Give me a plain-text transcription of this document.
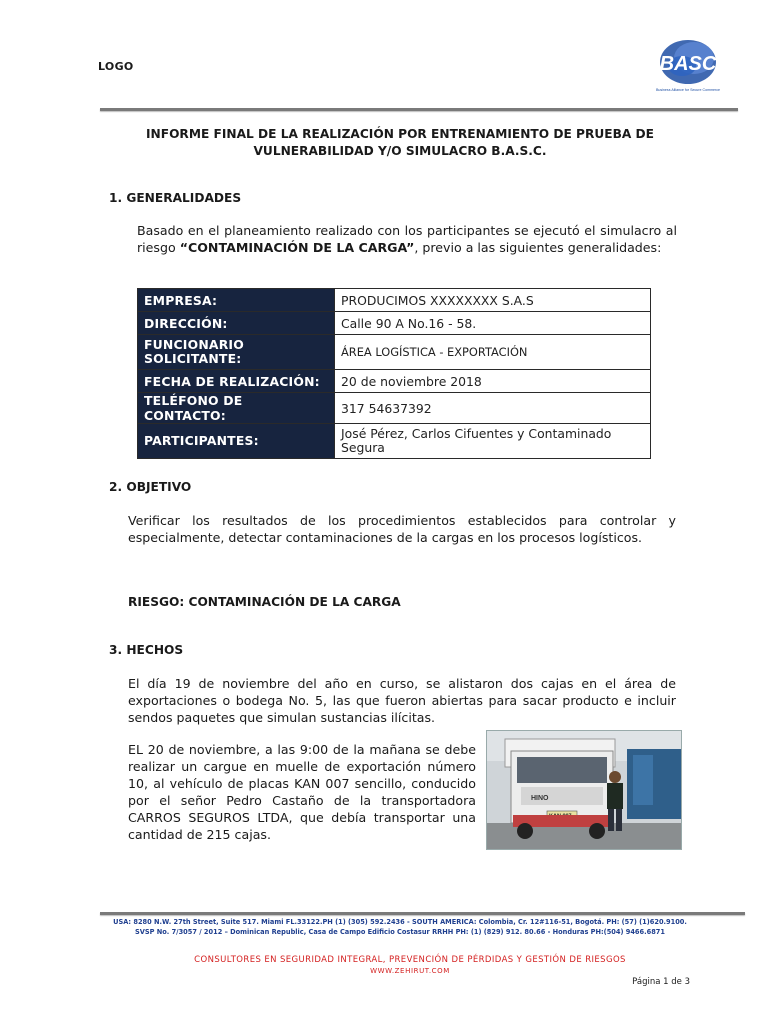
LOGO	BASC
Business Alliance for Secure Commerce
INFORME FINAL DE LA REALIZACIÓN POR ENTRENAMIENTO DE PRUEBA DE
VULNERABILIDAD Y/O SIMULACRO B.A.S.C.
1. GENERALIDADES
Basado en el planeamiento realizado con los participantes se ejecutó el simulacro al riesgo “CONTAMINACIÓN DE LA CARGA”, previo a las siguientes generalidades:
EMPRESA:	PRODUCIMOS XXXXXXXX S.A.S
DIRECCIÓN:	Calle 90 A No.16 - 58.
FUNCIONARIO SOLICITANTE:	ÁREA LOGÍSTICA - EXPORTACIÓN
FECHA DE REALIZACIÓN:	20 de noviembre 2018
TELÉFONO DE CONTACTO:	317 54637392
PARTICIPANTES:	José Pérez, Carlos Cifuentes y Contaminado Segura
2. OBJETIVO
Verificar los resultados de los procedimientos establecidos para controlar y especialmente, detectar contaminaciones de la cargas en los procesos logísticos.
RIESGO: CONTAMINACIÓN DE LA CARGA
3. HECHOS
El día 19 de noviembre del año en curso, se alistaron dos cajas en el área de exportaciones o bodega No. 5, las que fueron abiertas para sacar producto e incluir sendos paquetes que simulan sustancias ilícitas.
EL 20 de noviembre, a las 9:00 de la mañana se debe realizar un cargue en muelle de exportación número 10, al vehículo de placas KAN 007 sencillo, conducido por el señor Pedro Castaño de la transportadora CARROS SEGUROS LTDA, que debía transportar una cantidad de 215 cajas.
HINO
USA: 8280 N.W. 27th Street, Suite 517. Miami FL.33122.PH (1) (305) 592.2436 - SOUTH AMERICA: Colombia, Cr. 12#116-51, Bogotá. PH: (57) (1)620.9100. SVSP No. 7/3057 / 2012 – Dominican Republic, Casa de Campo Edificio Costasur RRHH PH: (1) (829) 912. 80.66 - Honduras PH:(504) 9466.6871
CONSULTORES EN SEGURIDAD INTEGRAL, PREVENCIÓN DE PÉRDIDAS Y GESTIÓN DE RIESGOS
WWW.ZEHIRUT.COM
Página 1 de 3
